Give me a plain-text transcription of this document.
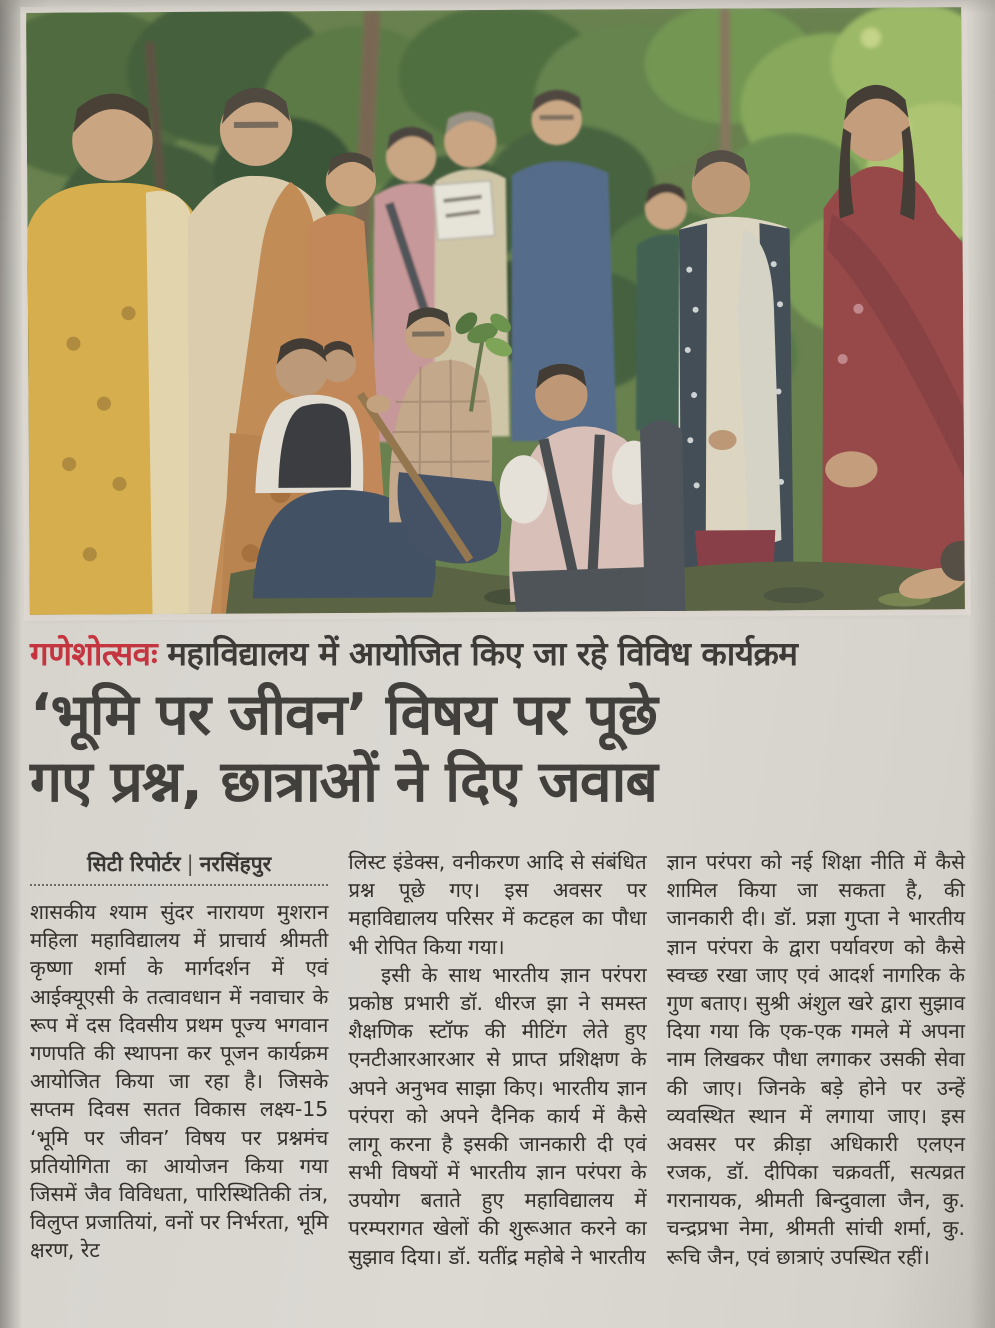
गणेशोत्सवः महाविद्यालय में आयोजित किए जा रहे विविध कार्यक्रम
‘भूमि पर जीवन’ विषय पर पूछे
गए प्रश्न, छात्राओं ने दिए जवाब
सिटी रिपोर्टर | नरसिंहपुर

शासकीय श्याम सुंदर नारायण मुशरान महिला महाविद्यालय में प्राचार्य श्रीमती कृष्णा शर्मा के मार्गदर्शन में एवं आईक्यूएसी के तत्वावधान में नवाचार के रूप में दस दिवसीय प्रथम पूज्य भगवान गणपति की स्थापना कर पूजन कार्यक्रम आयोजित किया जा रहा है। जिसके सप्तम दिवस सतत विकास लक्ष्य-15 ‘भूमि पर जीवन’ विषय पर प्रश्नमंच प्रतियोगिता का आयोजन किया गया जिसमें जैव विविधता, पारिस्थितिकी तंत्र, विलुप्त प्रजातियां, वनों पर निर्भरता, भूमि क्षरण, रेट

लिस्ट इंडेक्स, वनीकरण आदि से संबंधित प्रश्न पूछे गए। इस अवसर पर महाविद्यालय परिसर में कटहल का पौधा भी रोपित किया गया।

इसी के साथ भारतीय ज्ञान परंपरा प्रकोष्ठ प्रभारी डॉ. धीरज झा ने समस्त शैक्षणिक स्टॉफ की मीटिंग लेते हुए एनटीआरआरआर से प्राप्त प्रशिक्षण के अपने अनुभव साझा किए। भारतीय ज्ञान परंपरा को अपने दैनिक कार्य में कैसे लागू करना है इसकी जानकारी दी एवं सभी विषयों में भारतीय ज्ञान परंपरा के उपयोग बताते हुए महाविद्यालय में परम्परागत खेलों की शुरूआत करने का सुझाव दिया। डॉ. यतींद्र महोबे ने भारतीय

ज्ञान परंपरा को नई शिक्षा नीति में कैसे शामिल किया जा सकता है, की जानकारी दी। डॉ. प्रज्ञा गुप्ता ने भारतीय ज्ञान परंपरा के द्वारा पर्यावरण को कैसे स्वच्छ रखा जाए एवं आदर्श नागरिक के गुण बताए। सुश्री अंशुल खरे द्वारा सुझाव दिया गया कि एक-एक गमले में अपना नाम लिखकर पौधा लगाकर उसकी सेवा की जाए। जिनके बड़े होने पर उन्हें व्यवस्थित स्थान में लगाया जाए। इस अवसर पर क्रीड़ा अधिकारी एलएन रजक, डॉ. दीपिका चक्रवर्ती, सत्यव्रत गरानायक, श्रीमती बिन्दुवाला जैन, कु. चन्द्रप्रभा नेमा, श्रीमती सांची शर्मा, कु. रूचि जैन, एवं छात्राएं उपस्थित रहीं।
